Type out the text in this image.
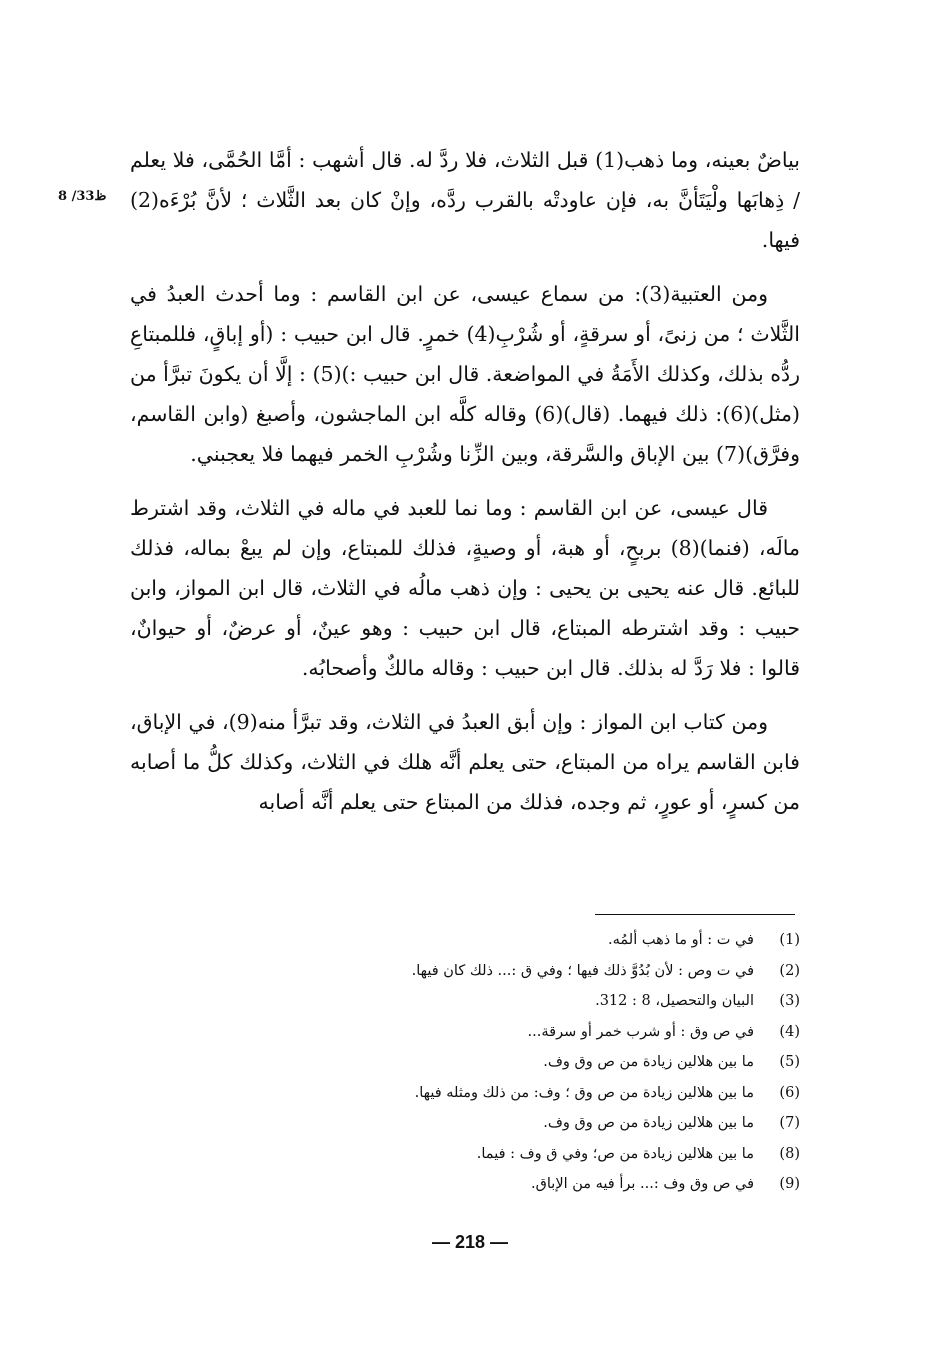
ظ33/ 8

بياضٌ بعينه، وما ذهب(1) قبل الثلاث، فلا ردَّ له. قال أشهب : أمَّا الحُمَّى، فلا يعلم / ذِهابَها ولْيَتَأنَّ به، فإن عاودتْه بالقرب ردَّه، وإنْ كان بعد الثَّلاث ؛ لأنَّ بُرْءَه(2) فيها.

ومن العتبية(3): من سماع عيسى، عن ابن القاسم : وما أحدث العبدُ في الثَّلاث ؛ من زنىً، أو سرقةٍ، أو شُرْبِ(4) خمرٍ. قال ابن حبيب : (أو إباقٍ، فللمبتاعِ ردُّه بذلك، وكذلك الأَمَةُ في المواضعة. قال ابن حبيب :)(5) : إلَّا أن يكونَ تبرَّأ من (مثل)(6): ذلك فيهما. (قال)(6) وقاله كلَّه ابن الماجشون، وأصبغ (وابن القاسم، وفرَّق)(7) بين الإباق والسَّرقة، وبين الزِّنا وشُرْبِ الخمر فيهما فلا يعجبني.

قال عيسى، عن ابن القاسم : وما نما للعبد في ماله في الثلاث، وقد اشترط مالَه، (فنما)(8) بربحٍ، أو هبة، أو وصيةٍ، فذلك للمبتاع، وإن لم يبعْ بماله، فذلك للبائع. قال عنه يحيى بن يحيى : وإن ذهب مالُه في الثلاث، قال ابن المواز، وابن حبيب : وقد اشترطه المبتاع، قال ابن حبيب : وهو عينٌ، أو عرضٌ، أو حيوانٌ، قالوا : فلا رَدَّ له بذلك. قال ابن حبيب : وقاله مالكٌ وأصحابُه.

ومن كتاب ابن المواز : وإن أبق العبدُ في الثلاث، وقد تبرَّأ منه(9)، في الإباق، فابن القاسم يراه من المبتاع، حتى يعلم أنَّه هلك في الثلاث، وكذلك كلُّ ما أصابه من كسرٍ، أو عورٍ، ثم وجده، فذلك من المبتاع حتى يعلم أنَّه أصابه

(1)
في ت : أو ما ذهب ألمُه.
(2)
في ت وص : لأن بُدُوَّ ذلك فيها ؛ وفي ق :... ذلك كان فيها.
(3)
البيان والتحصيل، 8 : 312.
(4)
في ص وق : أو شرب خمر أو سرقة...
(5)
ما بين هلالين زيادة من ص وق وف.
(6)
ما بين هلالين زيادة من ص وق ؛ وف: من ذلك ومثله فيها.
(7)
ما بين هلالين زيادة من ص وق وف.
(8)
ما بين هلالين زيادة من ص؛ وفي ق وف : فيما.
(9)
في ص وق وف :... برأ فيه من الإباق.
— 218 —
